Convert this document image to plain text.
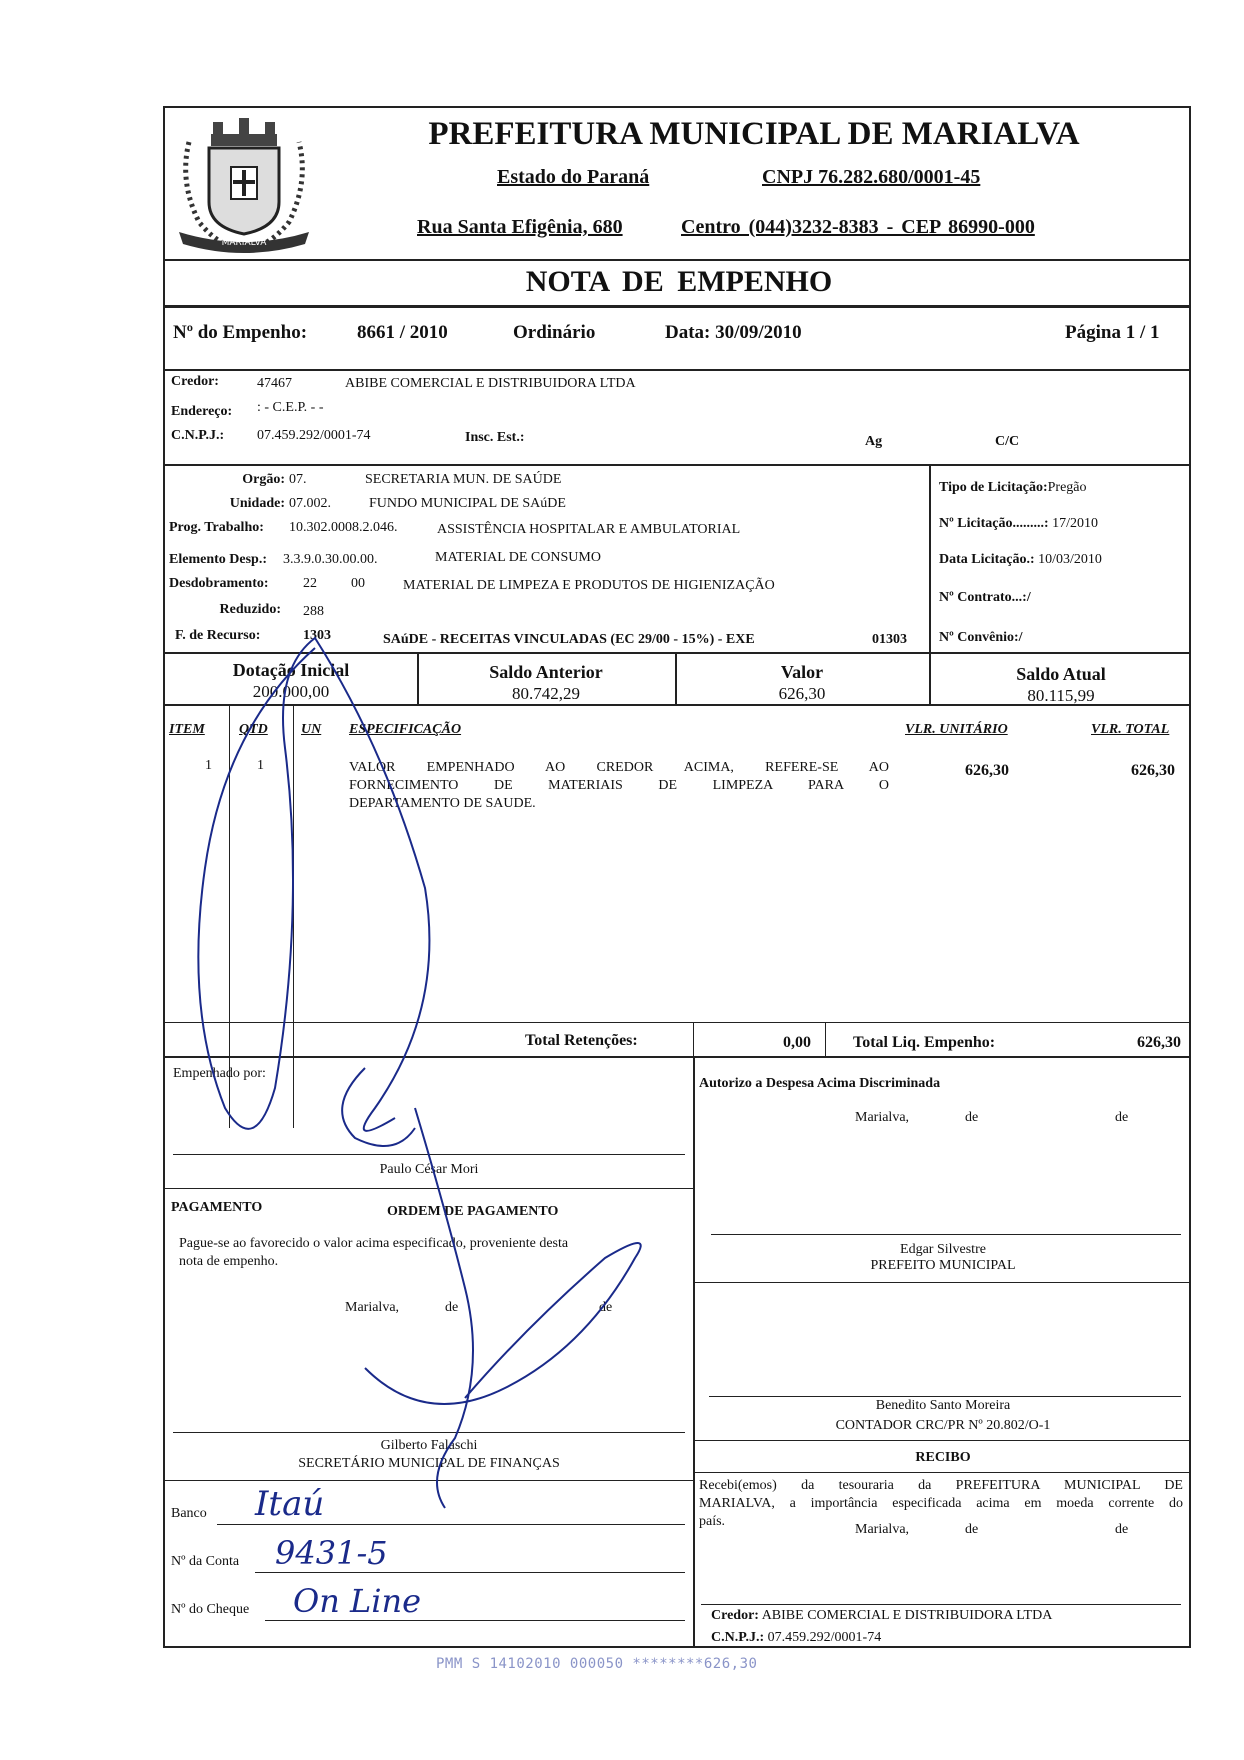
MARIALVA
PREFEITURA MUNICIPAL DE MARIALVA
Estado do Paraná	CNPJ 76.282.680/0001-45
Rua Santa Efigênia, 680	Centro (044)3232-8383 - CEP 86990-000
NOTA DE EMPENHO
Nº do Empenho:	8661 / 2010	Ordinário	Data: 30/09/2010	Página 1 / 1
Credor:	47467	ABIBE COMERCIAL E DISTRIBUIDORA LTDA
Endereço: : - C.E.P. - -
C.N.P.J.: 07.459.292/0001-74	Insc. Est.:	Ag	C/C
Orgão: 07.	SECRETARIA MUN. DE SAÚDE
Unidade: 07.002.	FUNDO MUNICIPAL DE SAúDE
Prog. Trabalho: 10.302.0008.2.046.	ASSISTÊNCIA HOSPITALAR E AMBULATORIAL
Elemento Desp.: 3.3.9.0.30.00.00.	MATERIAL DE CONSUMO
Desdobramento: 22 00	MATERIAL DE LIMPEZA E PRODUTOS DE HIGIENIZAÇÃO
Reduzido: 288
F. de Recurso:	1303	SAúDE - RECEITAS VINCULADAS (EC 29/00 - 15%) - EXE	01303
Tipo de Licitação:Pregão
Nº Licitação.........: 17/2010
Data Licitação.: 10/03/2010
Nº Contrato...:/
Nº Convênio:/
Dotação Inicial
200.000,00
Saldo Anterior
80.742,29
Valor
626,30
Saldo Atual
80.115,99
ITEM QTD UN ESPECIFICAÇÃO	VLR. UNITÁRIO	VLR. TOTAL
1	1	VALOR EMPENHADO AO CREDOR ACIMA, REFERE-SE AO
FORNECIMENTO DE MATERIAIS DE LIMPEZA PARA O
DEPARTAMENTO DE SAUDE.
626,30	626,30
Total Retenções:	0,00	Total Liq. Empenho:	626,30
Empenhado por:
Paulo César Mori
PAGAMENTO	ORDEM DE PAGAMENTO
Pague-se ao favorecido o valor acima especificado, proveniente desta
nota de empenho.
Marialva,	de	de
Gilberto Falaschi
SECRETÁRIO MUNICIPAL DE FINANÇAS
Banco Itaú
Nº da Conta 9431-5
Nº do Cheque On Line
Autorizo a Despesa Acima Discriminada
Marialva,	de	de
Edgar Silvestre
PREFEITO MUNICIPAL
Benedito Santo Moreira
CONTADOR CRC/PR Nº 20.802/O-1
RECIBO
Recebi(emos) da tesouraria da PREFEITURA MUNICIPAL DE
MARIALVA, a importância especificada acima em moeda corrente do
país.
Marialva,	de	de
Credor: ABIBE COMERCIAL E DISTRIBUIDORA LTDA
C.N.P.J.: 07.459.292/0001-74
PMM S 14102010 000050 ********626,30
